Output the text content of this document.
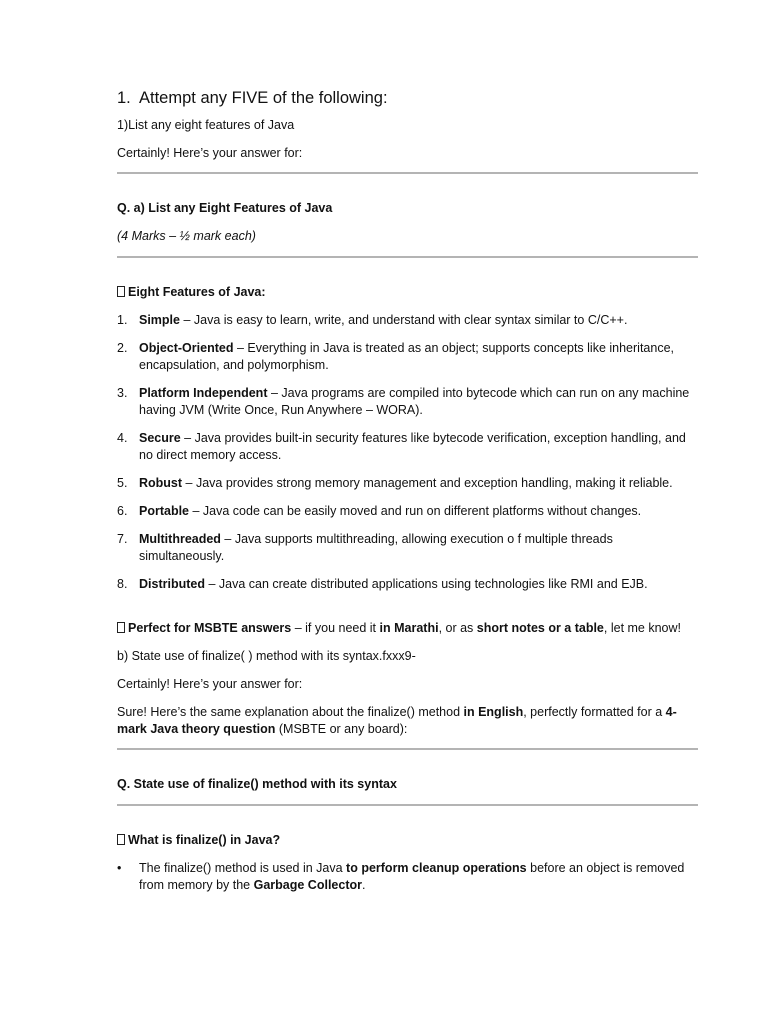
1. Attempt any FIVE of the following:

1)List any eight features of Java

Certainly! Here’s your answer for:

Q. a) List any Eight Features of Java

(4 Marks – ½ mark each)

Eight Features of Java:

1. Simple – Java is easy to learn, write, and understand with clear syntax similar to C/C++.
2. Object-Oriented – Everything in Java is treated as an object; supports concepts like inheritance, encapsulation, and polymorphism.
3. Platform Independent – Java programs are compiled into bytecode which can run on any machine having JVM (Write Once, Run Anywhere – WORA).
4. Secure – Java provides built-in security features like bytecode verification, exception handling, and no direct memory access.
5. Robust – Java provides strong memory management and exception handling, making it reliable.
6. Portable – Java code can be easily moved and run on different platforms without changes.
7. Multithreaded – Java supports multithreading, allowing execution o f multiple threads simultaneously.
8. Distributed – Java can create distributed applications using technologies like RMI and EJB.

Perfect for MSBTE answers – if you need it in Marathi, or as short notes or a table, let me know!

b) State use of finalize( ) method with its syntax.fxxx9-

Certainly! Here’s your answer for:

Sure! Here’s the same explanation about the finalize() method in English, perfectly formatted for a 4-mark Java theory question (MSBTE or any board):

Q. State use of finalize() method with its syntax

What is finalize() in Java?

•
The finalize() method is used in Java to perform cleanup operations before an object is removed from memory by the Garbage Collector.
